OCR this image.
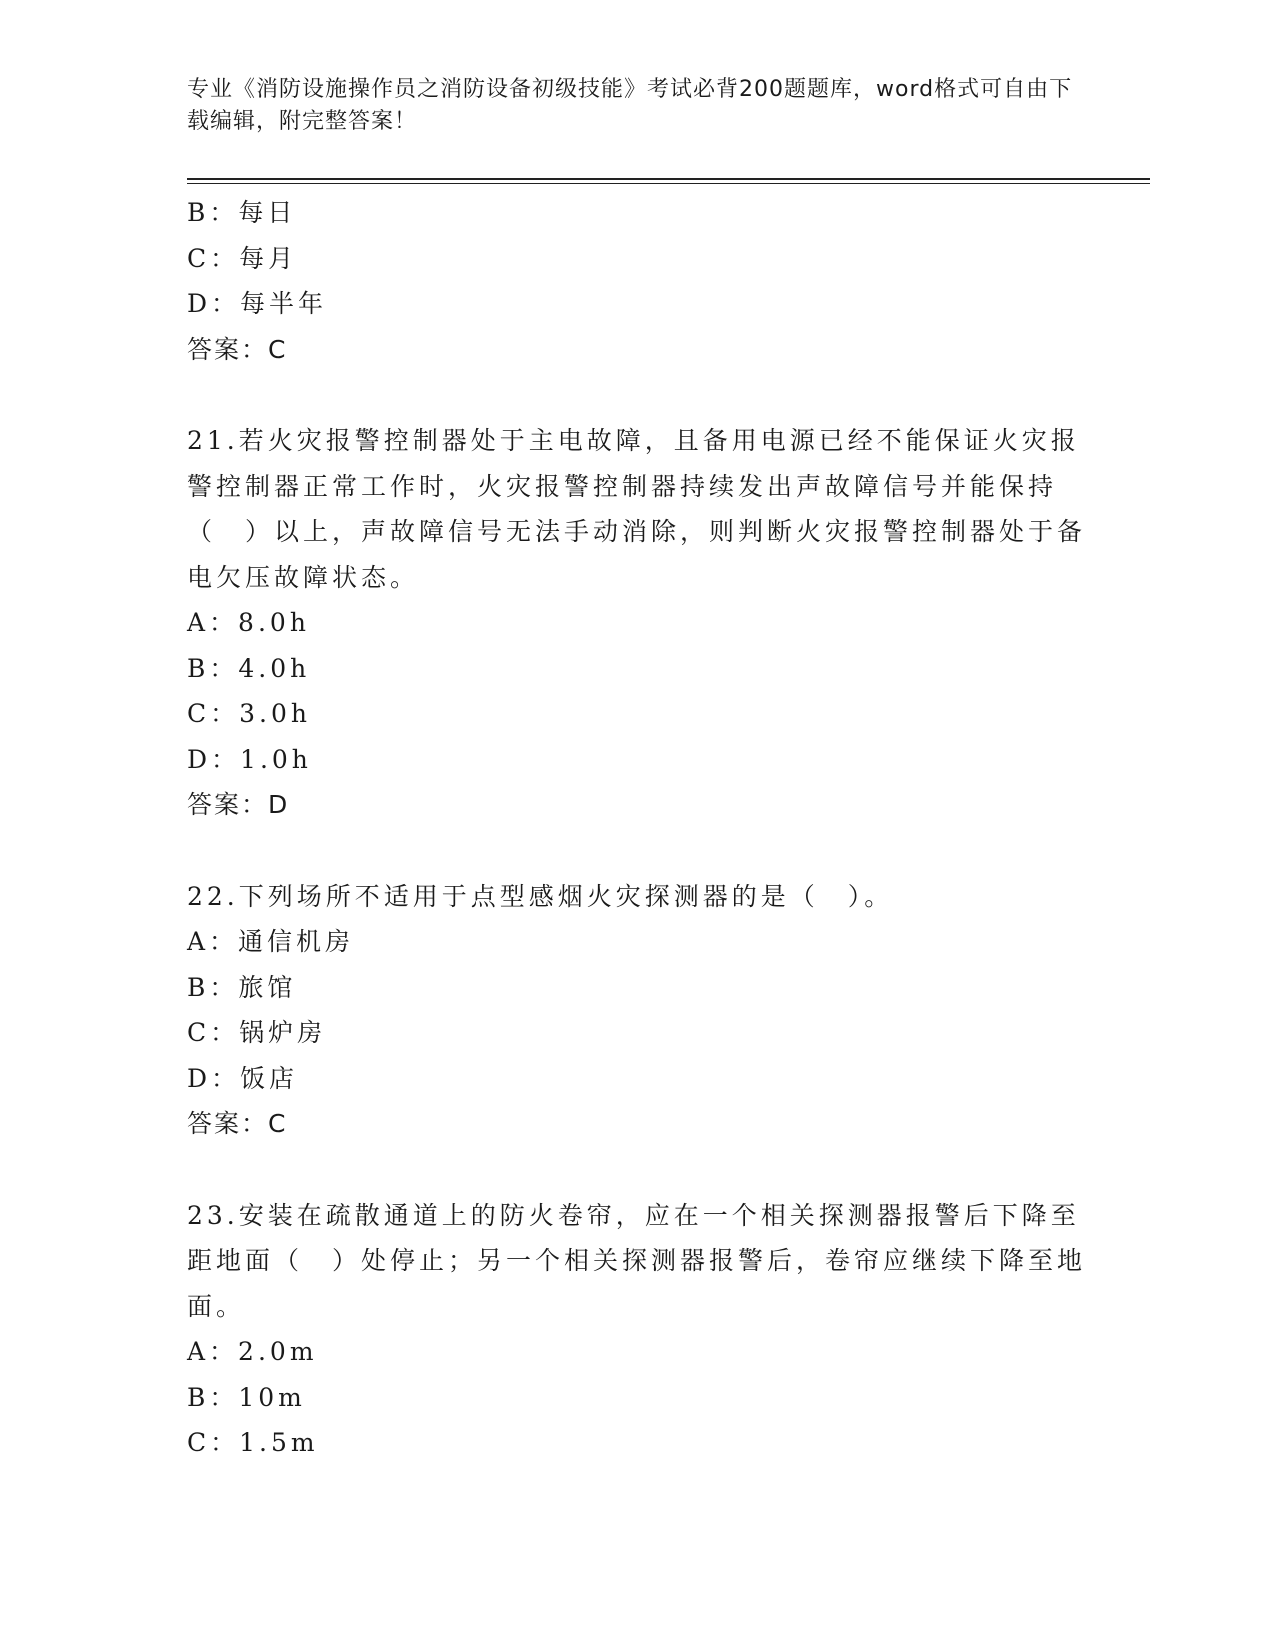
专业《消防设施操作员之消防设备初级技能》考试必背200题题库，word格式可自由下载编辑，附完整答案！
B：每日
C：每月
D：每半年
答案：C
21.若火灾报警控制器处于主电故障，且备用电源已经不能保证火灾报警控制器正常工作时，火灾报警控制器持续发出声故障信号并能保持（　）以上，声故障信号无法手动消除，则判断火灾报警控制器处于备电欠压故障状态。
A：8.0h
B：4.0h
C：3.0h
D：1.0h
答案：D
22.下列场所不适用于点型感烟火灾探测器的是（　）。
A：通信机房
B：旅馆
C：锅炉房
D：饭店
答案：C
23.安装在疏散通道上的防火卷帘，应在一个相关探测器报警后下降至距地面（　）处停止；另一个相关探测器报警后，卷帘应继续下降至地面。
A：2.0m
B：10m
C：1.5m
